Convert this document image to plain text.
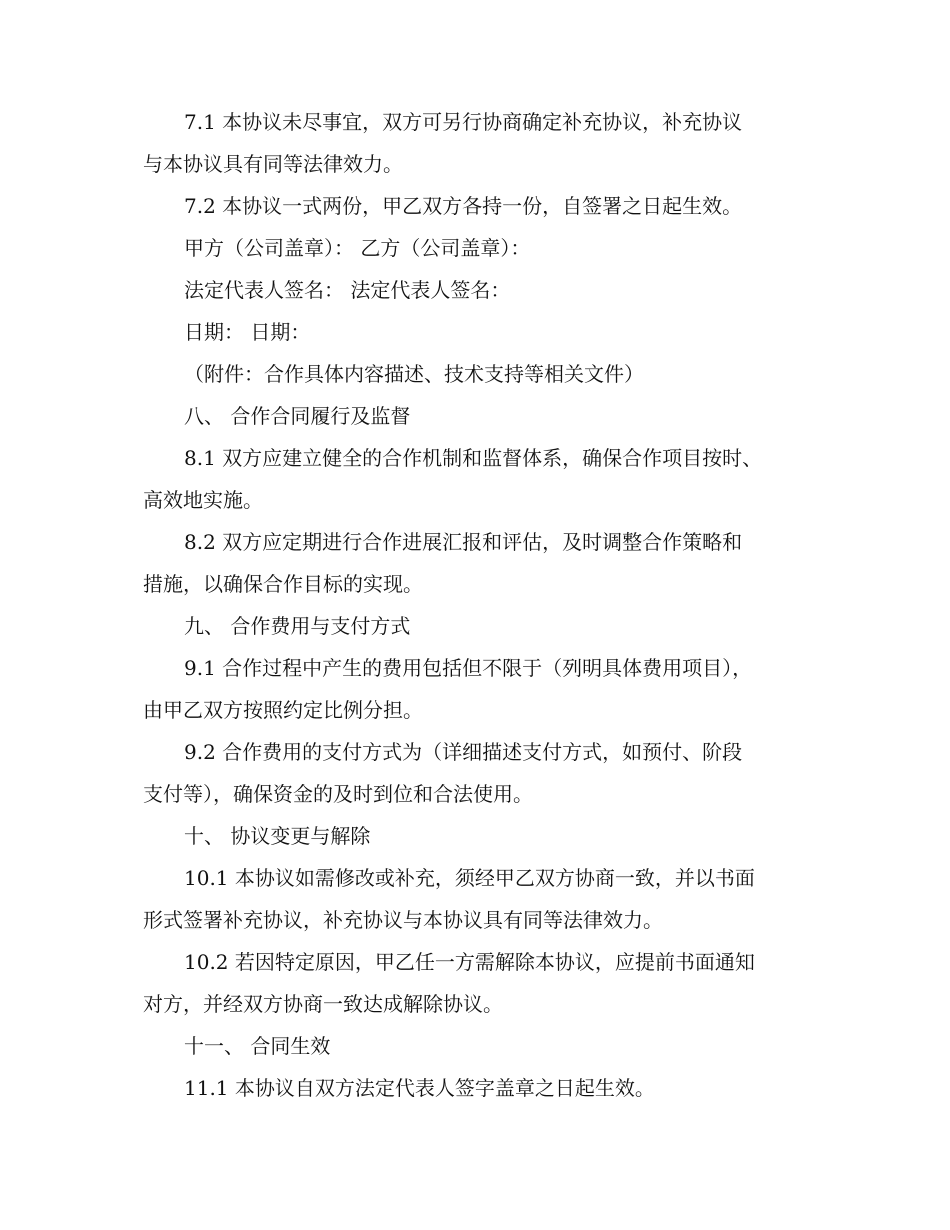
7.1 本协议未尽事宜，双方可另行协商确定补充协议，补充协议
与本协议具有同等法律效力。
7.2 本协议一式两份，甲乙双方各持一份，自签署之日起生效。
甲方（公司盖章）： 乙方（公司盖章）：
法定代表人签名： 法定代表人签名：
日期： 日期：
（附件：合作具体内容描述、技术支持等相关文件）
八、 合作合同履行及监督
8.1 双方应建立健全的合作机制和监督体系，确保合作项目按时、
高效地实施。
8.2 双方应定期进行合作进展汇报和评估，及时调整合作策略和
措施，以确保合作目标的实现。
九、 合作费用与支付方式
9.1 合作过程中产生的费用包括但不限于（列明具体费用项目），
由甲乙双方按照约定比例分担。
9.2 合作费用的支付方式为（详细描述支付方式，如预付、阶段
支付等），确保资金的及时到位和合法使用。
十、 协议变更与解除
10.1 本协议如需修改或补充，须经甲乙双方协商一致，并以书面
形式签署补充协议，补充协议与本协议具有同等法律效力。
10.2 若因特定原因，甲乙任一方需解除本协议，应提前书面通知
对方，并经双方协商一致达成解除协议。
十一、 合同生效
11.1 本协议自双方法定代表人签字盖章之日起生效。
